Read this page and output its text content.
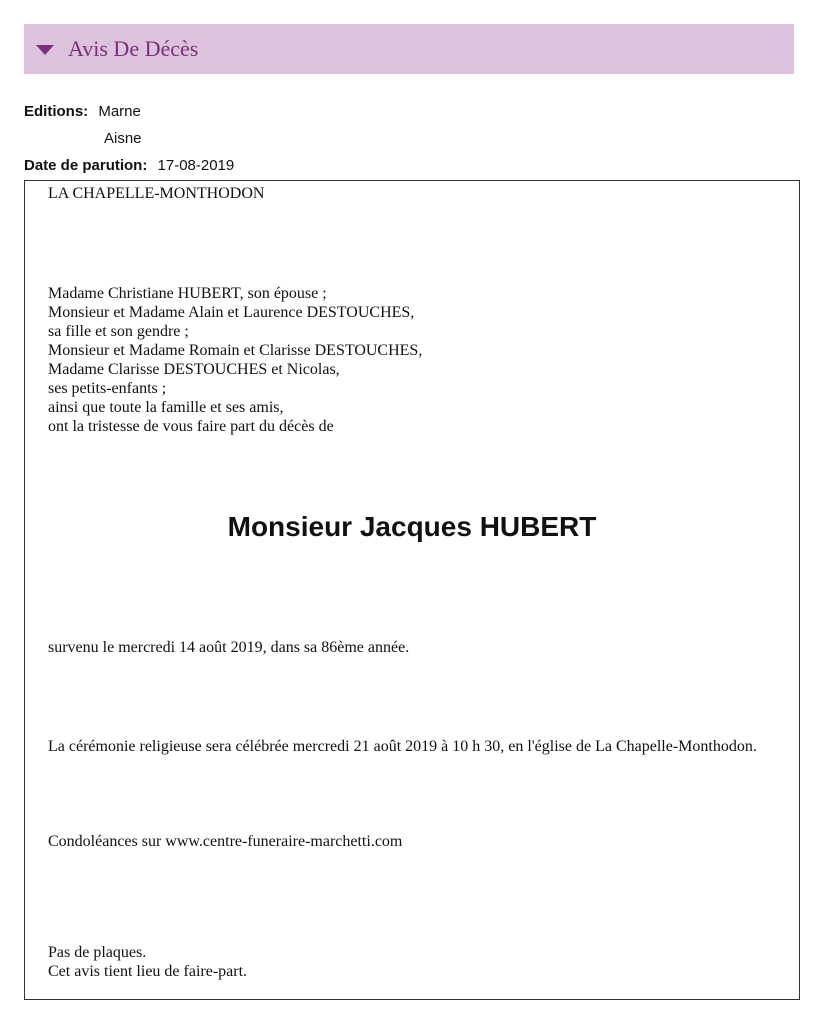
Avis De Décès
Editions: Marne
Aisne
Date de parution: 17-08-2019

LA CHAPELLE-MONTHODON

Madame Christiane HUBERT, son épouse ;
Monsieur et Madame Alain et Laurence DESTOUCHES,
sa fille et son gendre ;
Monsieur et Madame Romain et Clarisse DESTOUCHES,
Madame Clarisse DESTOUCHES et Nicolas,
ses petits-enfants ;
ainsi que toute la famille et ses amis,
ont la tristesse de vous faire part du décès de

Monsieur Jacques HUBERT

survenu le mercredi 14 août 2019, dans sa 86ème année.

La cérémonie religieuse sera célébrée mercredi 21 août 2019 à 10 h 30, en l'église de La Chapelle-Monthodon.

Condoléances sur www.centre-funeraire-marchetti.com

Pas de plaques.
Cet avis tient lieu de faire-part.
